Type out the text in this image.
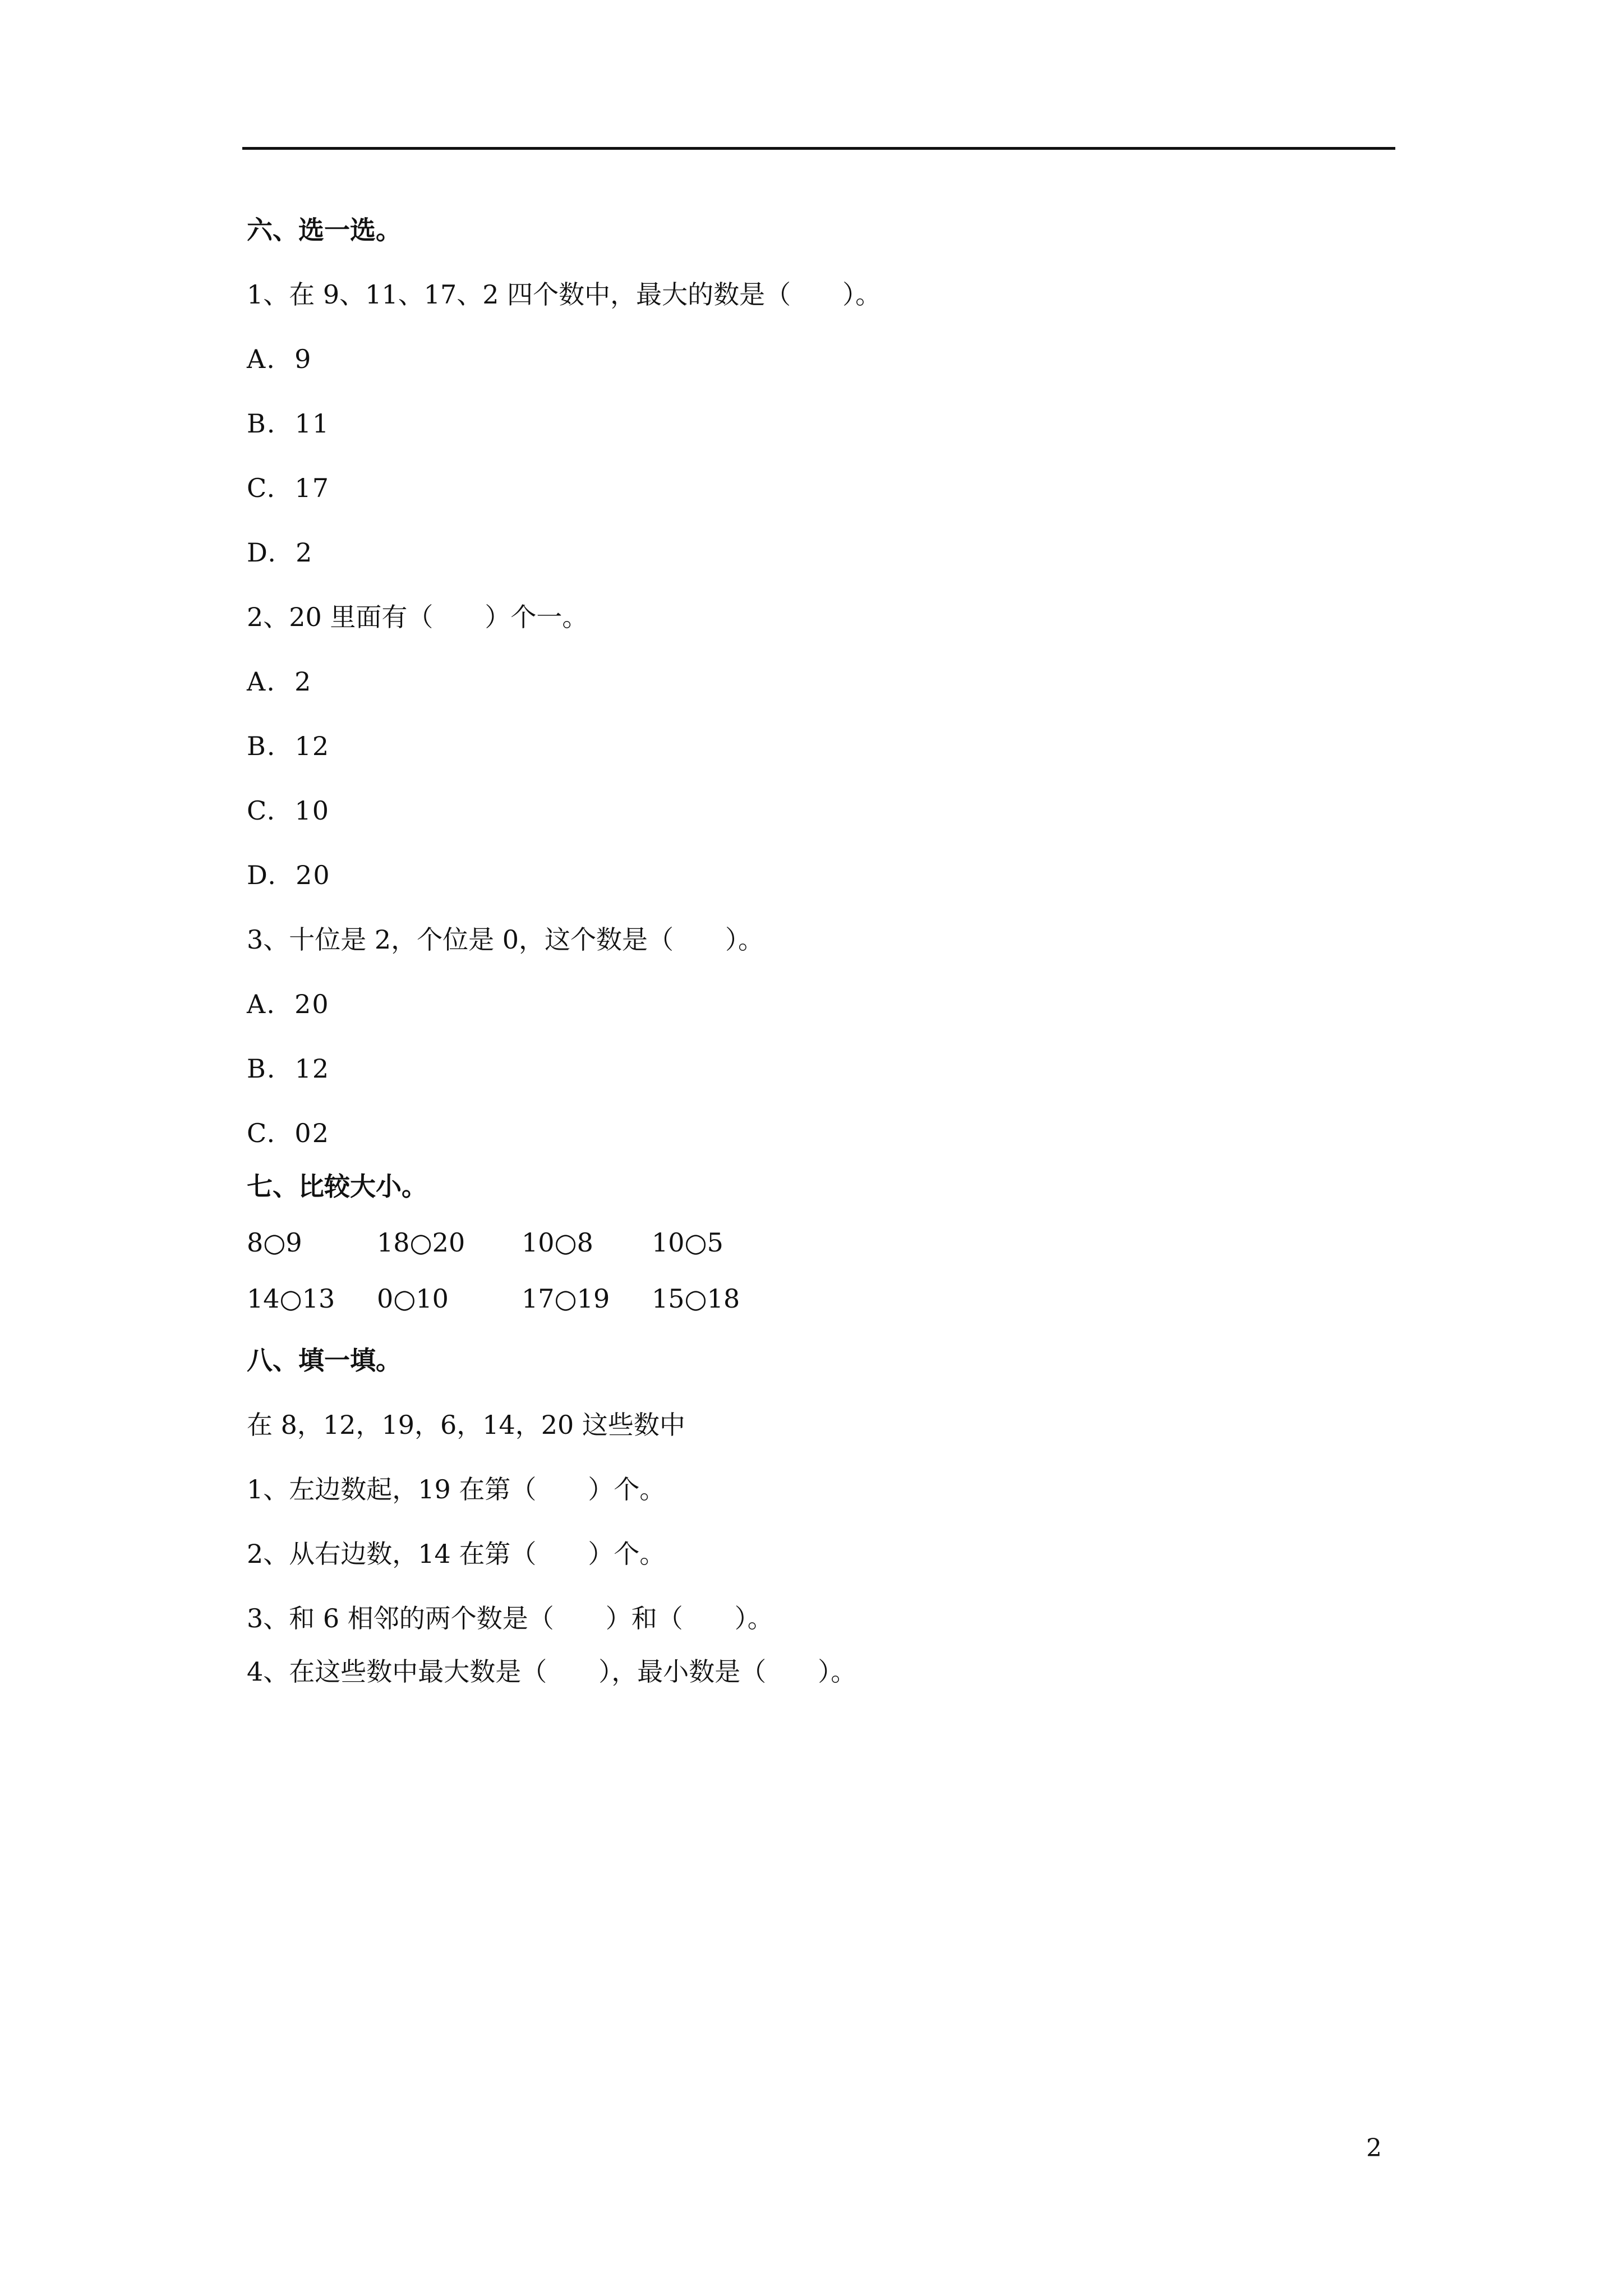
六、选一选。
1、在 9、11、17、2 四个数中，最大的数是（　　）。
A.  9
B.  11
C.  17
D.  2
2、20 里面有（　　）个一。
A.  2
B.  12
C.  10
D.  20
3、十位是 2，个位是 0，这个数是（　　）。
A.  20
B.  12
C.  02
七、比较大小。
8○9	18○20 10○8 10○5
14○13 0○10	17○19 15○18
八、填一填。
在 8，12，19，6，14，20 这些数中
1、左边数起，19 在第（　　）个。
2、从右边数，14 在第（　　）个。
3、和 6 相邻的两个数是（　　）和（　　）。
4、在这些数中最大数是（　　），最小数是（　　）。
2
